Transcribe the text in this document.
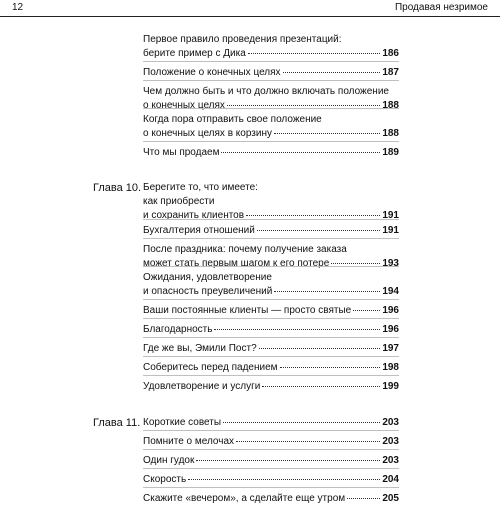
12	Продавая незримое
Первое правило проведения презентаций:
берите пример с Дика	186
Положение о конечных целях	187
Чем должно быть и что должно включать положение
о конечных целях	188
Когда пора отправить свое положение
о конечных целях в корзину	188
Что мы продаем	189
Глава 10. Берегите то, что имеете:
как приобрести
и сохранить клиентов	191
Бухгалтерия отношений	191
После праздника: почему получение заказа
может стать первым шагом к его потере	193
Ожидания, удовлетворение
и опасность преувеличений	194
Ваши постоянные клиенты — просто святые	196
Благодарность	196
Где же вы, Эмили Пост?	197
Соберитесь перед падением	198
Удовлетворение и услуги	199
Глава 11. Короткие советы	203
Помните о мелочах	203
Один гудок	203
Скорость	204
Скажите «вечером», а сделайте еще утром	205
